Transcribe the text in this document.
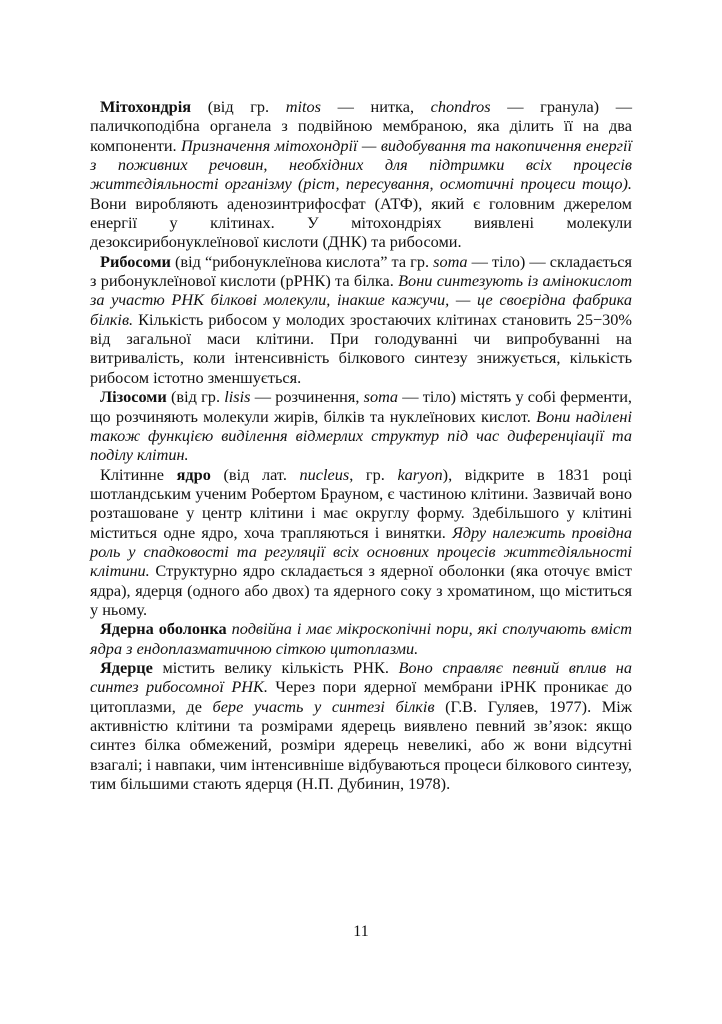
Мітохондрія (від гр. mitos — нитка, chondros — гранула) — паличкоподібна органела з подвійною мембраною, яка ділить її на два компоненти. Призначення мітохондрії — видобування та накопичення енергії з поживних речовин, необхідних для підтримки всіх процесів життєдіяльності організму (ріст, пересування, осмотичні процеси тощо). Вони виробляють аденозинтрифосфат (АТФ), який є головним джерелом енергії у клітинах. У мітохондріях виявлені молекули дезоксирибонуклеїнової кислоти (ДНК) та рибосоми.

Рибосоми (від “рибонуклеїнова кислота” та гр. soma — тіло) — складається з рибонуклеїнової кислоти (рРНК) та білка. Вони синтезують із амінокислот за участю РНК білкові молекули, інакше кажучи, — це своєрідна фабрика білків. Кількість рибосом у молодих зростаючих клітинах становить 25−30% від загальної маси клітини. При голодуванні чи випробуванні на витривалість, коли інтенсивність білкового синтезу знижується, кількість рибосом істотно зменшується.

Лізосоми (від гр. lisis — розчинення, soma — тіло) містять у собі ферменти, що розчиняють молекули жирів, білків та нуклеїнових кислот. Вони наділені також функцією виділення відмерлих структур під час диференціації та поділу клітин.

Клітинне ядро (від лат. nucleus, гр. karyon), відкрите в 1831 році шотландським ученим Робертом Брауном, є частиною клітини. Зазвичай воно розташоване у центр клітини і має округлу форму. Здебільшого у клітині міститься одне ядро, хоча трапляються і винятки. Ядру належить провідна роль у спадковості та регуляції всіх основних процесів життєдіяльності клітини. Структурно ядро складається з ядерної оболонки (яка оточує вміст ядра), ядерця (одного або двох) та ядерного соку з хроматином, що міститься у ньому.

Ядерна оболонка подвійна і має мікроскопічні пори, які сполучають вміст ядра з ендоплазматичною сіткою цитоплазми.

Ядерце містить велику кількість РНК. Воно справляє певний вплив на синтез рибосомної РНК. Через пори ядерної мембрани іРНК проникає до цитоплазми, де бере участь у синтезі білків (Г.В. Гуляев, 1977). Між активністю клітини та розмірами ядерець виявлено певний зв’язок: якщо синтез білка обмежений, розміри ядерець невеликі, або ж вони відсутні взагалі; і навпаки, чим інтенсивніше відбуваються процеси білкового синтезу, тим більшими стають ядерця (Н.П. Дубинин, 1978).

11
